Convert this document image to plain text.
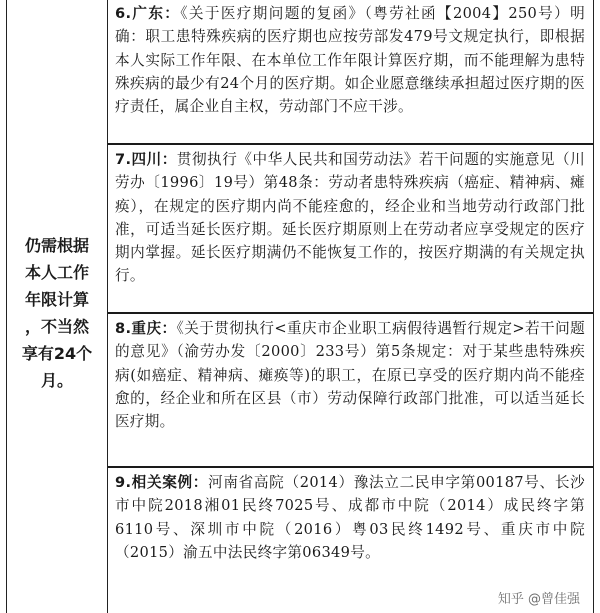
仍需根据
本人工作
年限计算
，不当然
享有24个
月。
6.广东：《关于医疗期问题的复函》（粤劳社函【2004】250号）明确：职工患特殊疾病的医疗期也应按劳部发479号文规定执行，即根据本人实际工作年限、在本单位工作年限计算医疗期，而不能理解为患特殊疾病的最少有24个月的医疗期。如企业愿意继续承担超过医疗期的医疗责任，属企业自主权，劳动部门不应干涉。
7.四川：贯彻执行《中华人民共和国劳动法》若干问题的实施意见（川劳办〔1996〕19号）第48条：劳动者患特殊疾病（癌症、精神病、瘫痪），在规定的医疗期内尚不能痊愈的，经企业和当地劳动行政部门批准，可适当延长医疗期。延长医疗期原则上在劳动者应享受规定的医疗期内掌握。延长医疗期满仍不能恢复工作的，按医疗期满的有关规定执行。
8.重庆：《关于贯彻执行<重庆市企业职工病假待遇暂行规定>若干问题的意见》（渝劳办发〔2000〕233号）第5条规定：对于某些患特殊疾病(如癌症、精神病、瘫痪等)的职工，在原已享受的医疗期内尚不能痊愈的，经企业和所在区县（市）劳动保障行政部门批准，可以适当延长医疗期。
9.相关案例：河南省高院（2014）豫法立二民申字第00187号、长沙市中院2018湘01民终7025号、成都市中院（2014）成民终字第6110号、深圳市中院（2016）粤03民终1492号、重庆市中院（2015）渝五中法民终字第06349号。
知乎 @曾佳强
